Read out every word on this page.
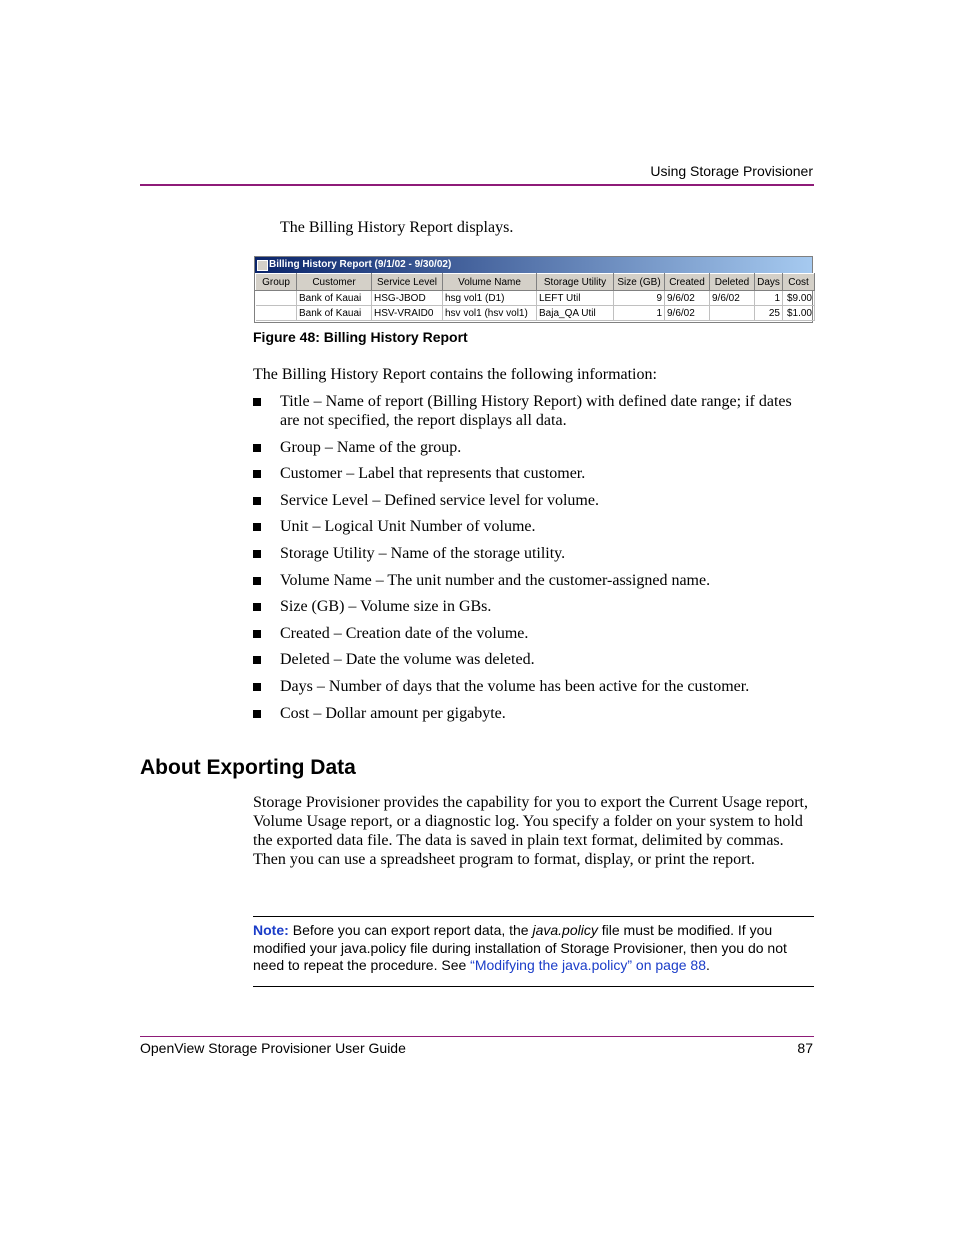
Using Storage Provisioner
The Billing History Report displays.
Billing History Report (9/1/02 - 9/30/02)
Group	Customer	Service Level	Volume Name	Storage Utility	Size (GB)	Created	Deleted	Days	Cost
	Bank of Kauai	HSG-JBOD	hsg vol1 (D1)	LEFT Util	9	9/6/02	9/6/02	1	$9.00
	Bank of Kauai	HSV-VRAID0	hsv vol1 (hsv vol1)	Baja_QA Util	1	9/6/02		25	$1.00
Figure 48: Billing History Report
The Billing History Report contains the following information:
Title – Name of report (Billing History Report) with defined date range; if dates are not specified, the report displays all data.
Group – Name of the group.
Customer – Label that represents that customer.
Service Level – Defined service level for volume.
Unit – Logical Unit Number of volume.
Storage Utility – Name of the storage utility.
Volume Name – The unit number and the customer-assigned name.
Size (GB) – Volume size in GBs.
Created – Creation date of the volume.
Deleted – Date the volume was deleted.
Days – Number of days that the volume has been active for the customer.
Cost – Dollar amount per gigabyte.
About Exporting Data

Storage Provisioner provides the capability for you to export the Current Usage report, Volume Usage report, or a diagnostic log. You specify a folder on your system to hold the exported data file. The data is saved in plain text format, delimited by commas. Then you can use a spreadsheet program to format, display, or print the report.

Note: Before you can export report data, the java.policy file must be modified. If you modified your java.policy file during installation of Storage Provisioner, then you do not need to repeat the procedure. See “Modifying the java.policy” on page 88.
OpenView Storage Provisioner User Guide	87
